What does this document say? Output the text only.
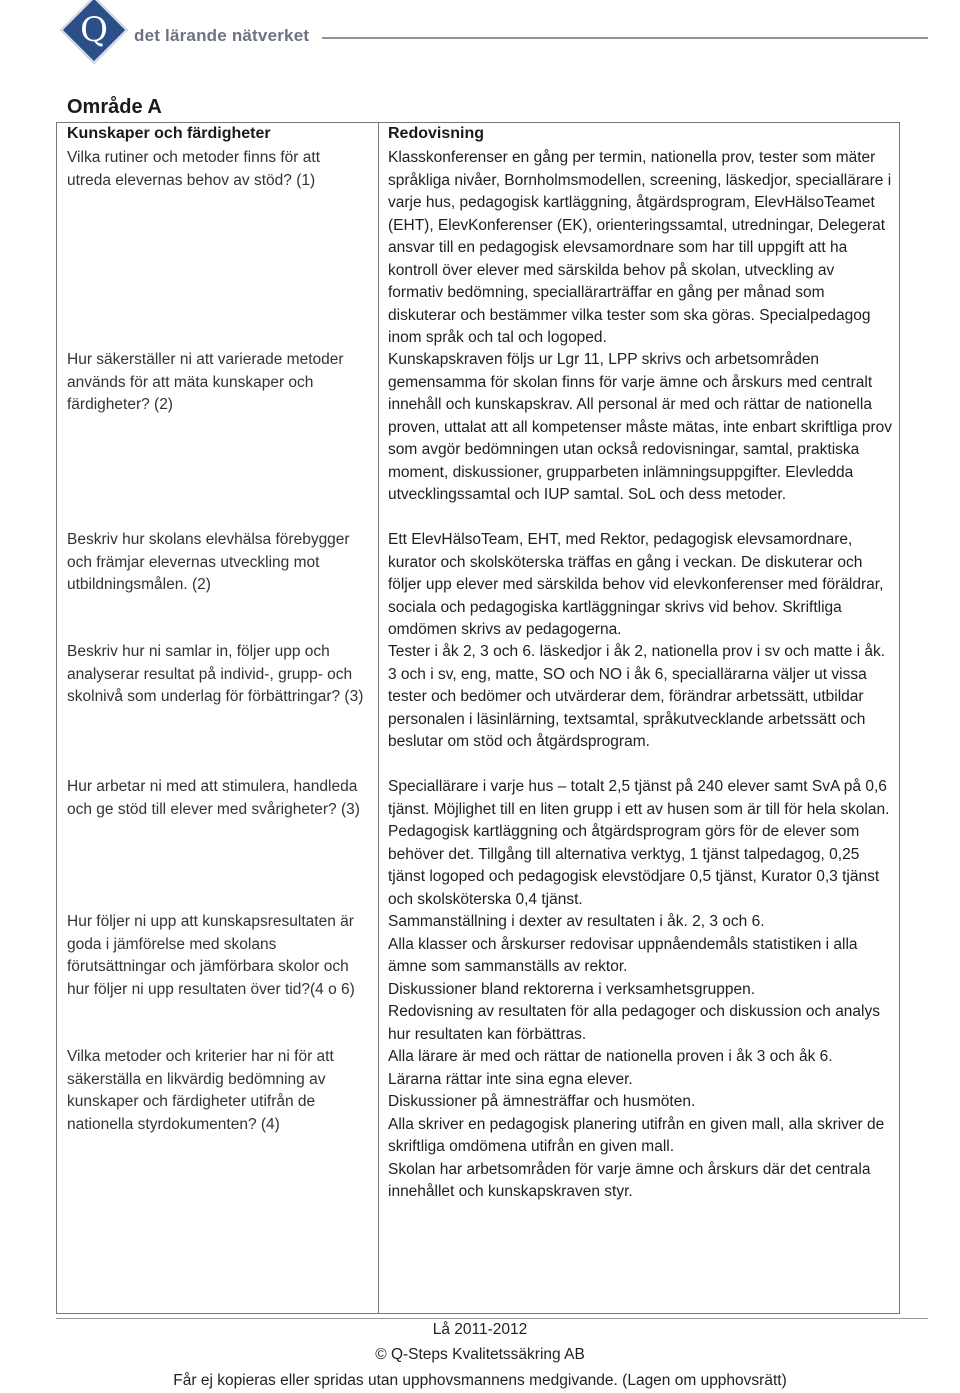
Q	det lärande nätverket
Område A
Kunskaper och färdigheter	Redovisning
Vilka rutiner och metoder finns för att utreda elevernas behov av stöd? (1)

Klasskonferenser en gång per termin, nationella prov, tester som mäter språkliga nivåer, Bornholmsmodellen, screening, läskedjor, speciallärare i varje hus, pedagogisk kartläggning, åtgärdsprogram, ElevHälsoTeamet (EHT), ElevKonferenser (EK), orienteringssamtal, utredningar, Delegerat ansvar till en pedagogisk elevsamordnare som har till uppgift att ha kontroll över elever med särskilda behov på skolan, utveckling av formativ bedömning, speciallärarträffar en gång per månad som diskuterar och bestämmer vilka tester som ska göras. Specialpedagog inom språk och tal och logoped.

Hur säkerställer ni att varierade metoder används för att mäta kunskaper och färdigheter? (2)

Kunskapskraven följs ur Lgr 11, LPP skrivs och arbetsområden gemensamma för skolan finns för varje ämne och årskurs med centralt innehåll och kunskapskrav. All personal är med och rättar de nationella proven, uttalat att all kompetenser måste mätas, inte enbart skriftliga prov som avgör bedömningen utan också redovisningar, samtal, praktiska moment, diskussioner, grupparbeten inlämningsuppgifter. Elevledda utvecklingssamtal och IUP samtal. SoL och dess metoder.

Beskriv hur skolans elevhälsa förebygger och främjar elevernas utveckling mot utbildningsmålen. (2)

Ett ElevHälsoTeam, EHT, med Rektor, pedagogisk elevsamordnare, kurator och skolsköterska träffas en gång i veckan. De diskuterar och följer upp elever med särskilda behov vid elevkonferenser med föräldrar, sociala och pedagogiska kartläggningar skrivs vid behov. Skriftliga omdömen skrivs av pedagogerna.

Beskriv hur ni samlar in, följer upp och analyserar resultat på individ-, grupp- och skolnivå som underlag för förbättringar? (3)

Tester i åk 2, 3 och 6. läskedjor i åk 2, nationella prov i sv och matte i åk. 3 och i sv, eng, matte, SO och NO i åk 6, speciallärarna väljer ut vissa tester och bedömer och utvärderar dem, förändrar arbetssätt, utbildar personalen i läsinlärning, textsamtal, språkutvecklande arbetssätt och beslutar om stöd och åtgärdsprogram.

Hur arbetar ni med att stimulera, handleda och ge stöd till elever med svårigheter? (3)

Speciallärare i varje hus – totalt 2,5 tjänst på 240 elever samt SvA på 0,6 tjänst. Möjlighet till en liten grupp i ett av husen som är till för hela skolan. Pedagogisk kartläggning och åtgärdsprogram görs för de elever som behöver det. Tillgång till alternativa verktyg, 1 tjänst talpedagog, 0,25 tjänst logoped och pedagogisk elevstödjare 0,5 tjänst, Kurator 0,3 tjänst och skolsköterska 0,4 tjänst.

Hur följer ni upp att kunskapsresultaten är goda i jämförelse med skolans förutsättningar och jämförbara skolor och hur följer ni upp resultaten över tid?(4 o 6)

Sammanställning i dexter av resultaten i åk. 2, 3 och 6.

Alla klasser och årskurser redovisar uppnåendemåls statistiken i alla ämne som sammanställs av rektor.

Diskussioner bland rektorerna i verksamhetsgruppen.

Redovisning av resultaten för alla pedagoger och diskussion och analys hur resultaten kan förbättras.

Vilka metoder och kriterier har ni för att säkerställa en likvärdig bedömning av kunskaper och färdigheter utifrån de nationella styrdokumenten? (4)

Alla lärare är med och rättar de nationella proven i åk 3 och åk 6.

Lärarna rättar inte sina egna elever.

Diskussioner på ämnesträffar och husmöten.

Alla skriver en pedagogisk planering utifrån en given mall, alla skriver de skriftliga omdömena utifrån en given mall.

Skolan har arbetsområden för varje ämne och årskurs där det centrala innehållet och kunskapskraven styr.

Lå 2011-2012
© Q-Steps Kvalitetssäkring AB
Får ej kopieras eller spridas utan upphovsmannens medgivande. (Lagen om upphovsrätt)
